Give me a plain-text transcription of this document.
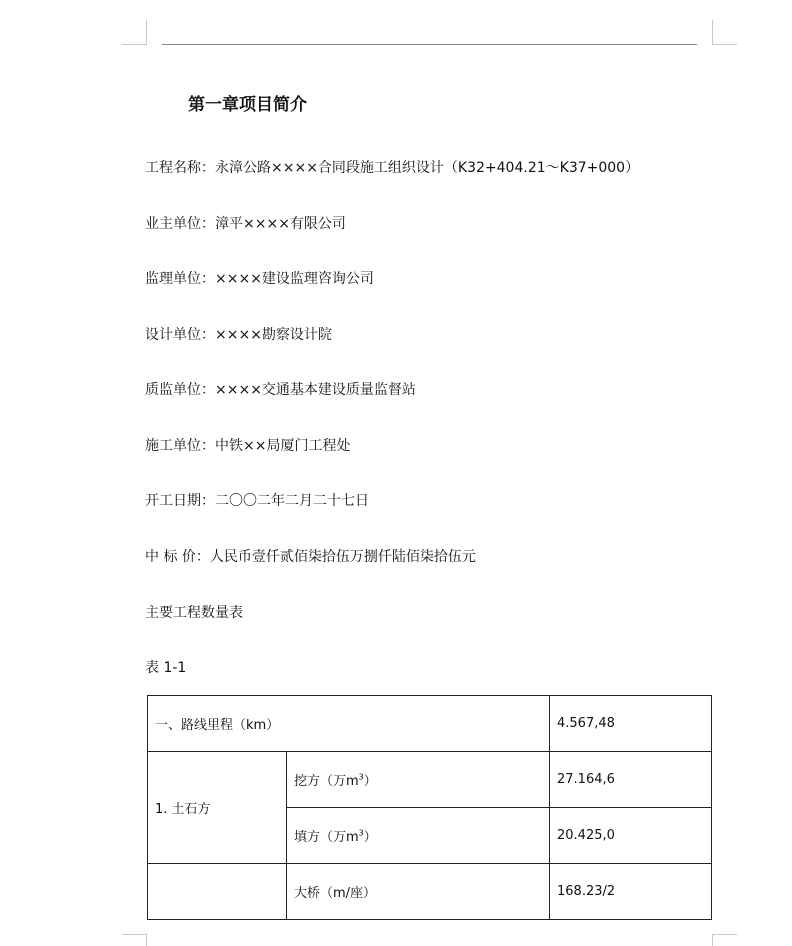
第一章项目简介
工程名称：永漳公路××××合同段施工组织设计（K32+404.21～K37+000）
业主单位：漳平××××有限公司
监理单位：××××建设监理咨询公司
设计单位：××××勘察设计院
质监单位：××××交通基本建设质量监督站
施工单位：中铁××局厦门工程处
开工日期：二〇〇二年二月二十七日
中 标 价：人民币壹仟贰佰柒拾伍万捌仟陆佰柒拾伍元
主要工程数量表
表 1-1
一、路线里程（km）		4.567,48
1. 土石方	挖方（万$m^3$）	27.164,6
	填方（万$m^3$）	20.425,0
	大桥（m/座）	168.23/2
